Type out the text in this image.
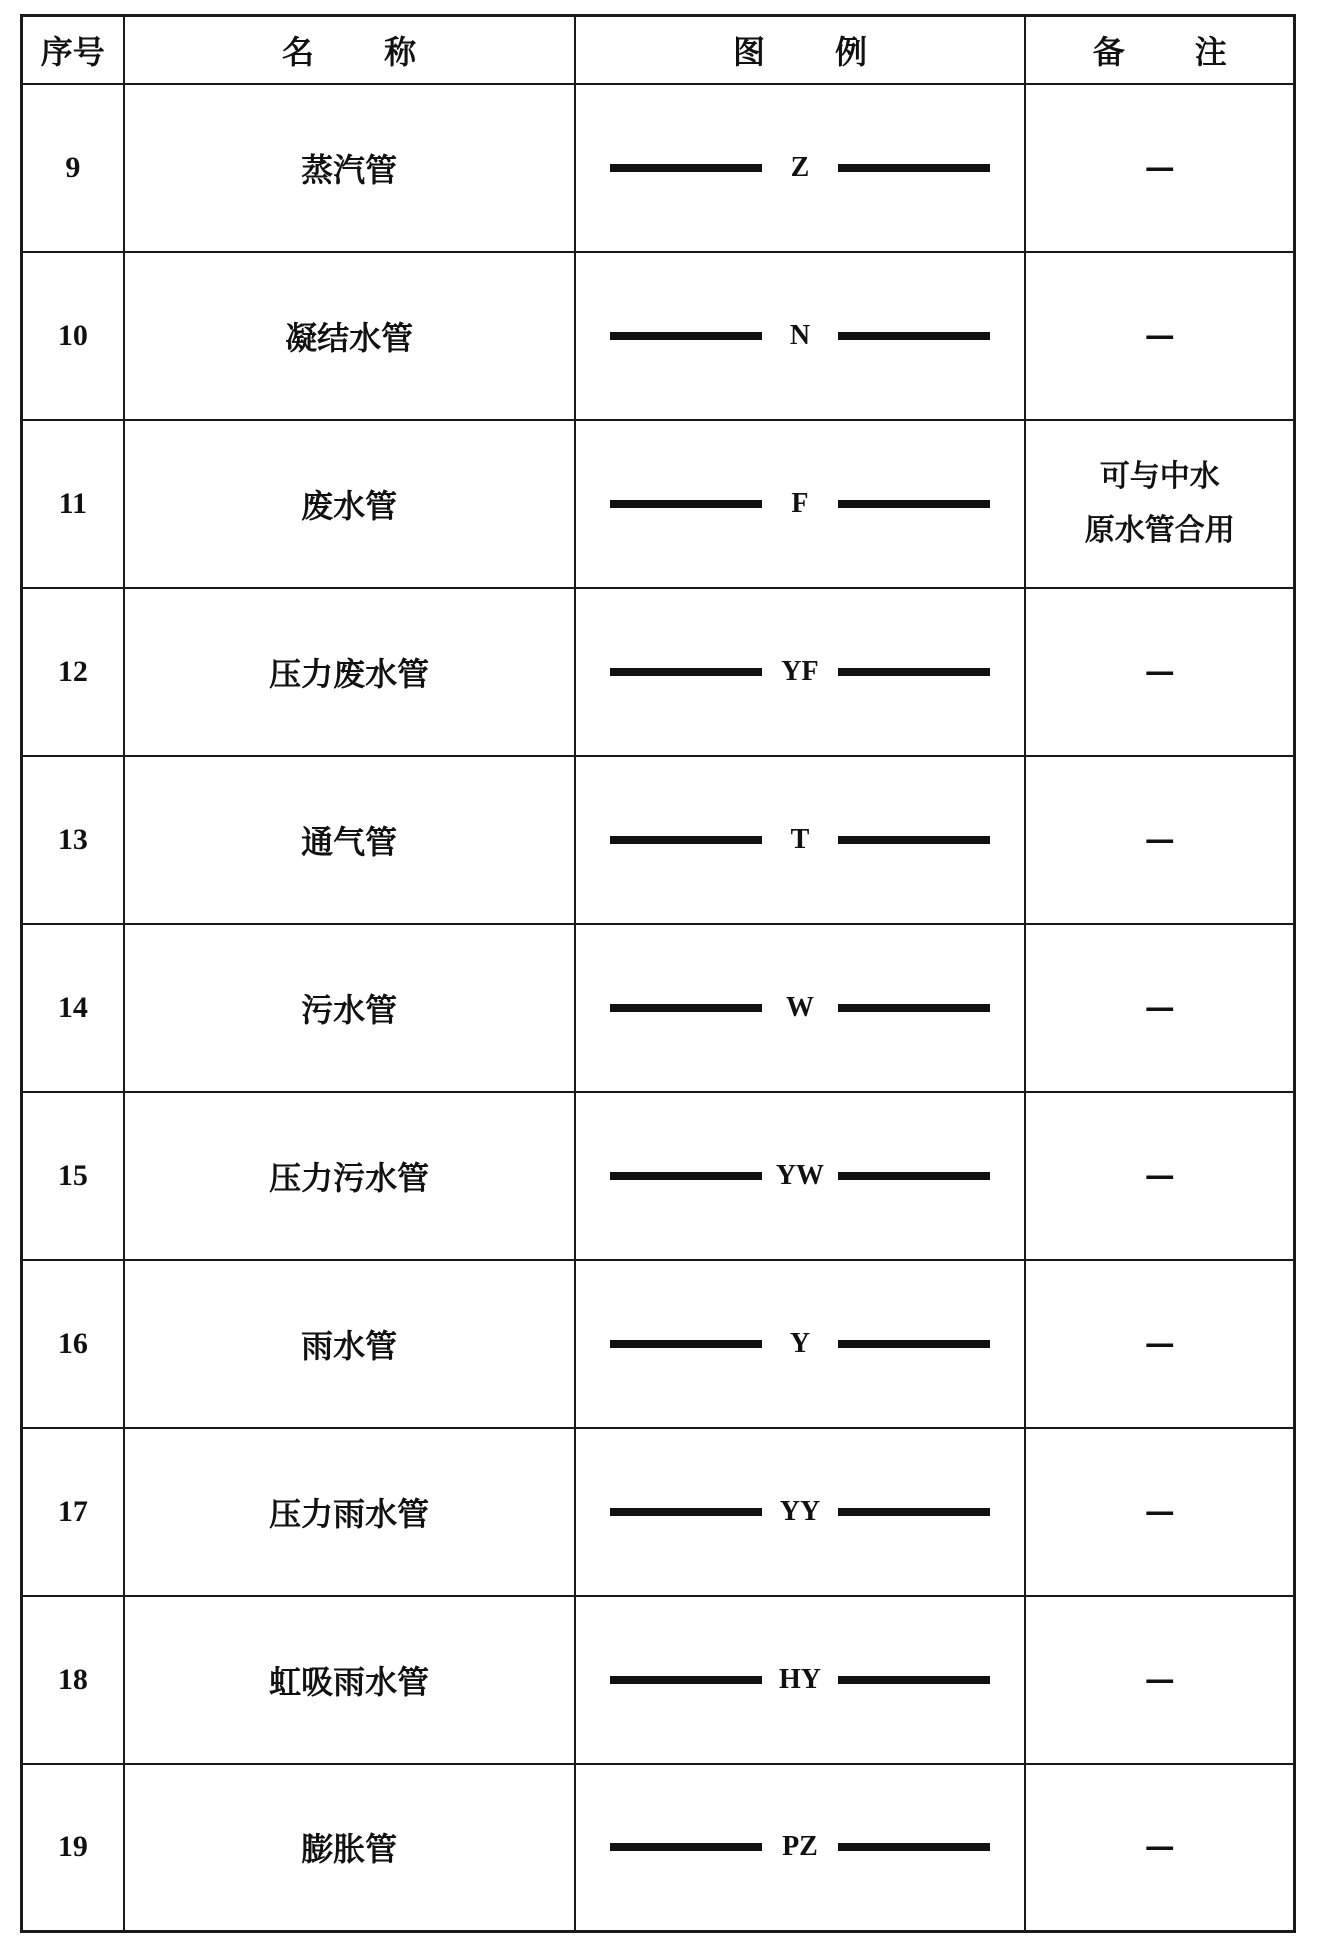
序号	名 称	图 例	备 注
9	蒸汽管	Z	—

10	凝结水管	N	—

11	废水管	F	可与中水
原水管合用

12	压力废水管	YF	—

13	通气管	T	—

14	污水管	W	—

15	压力污水管	YW	—

16	雨水管	Y	—

17	压力雨水管	YY	—

18	虹吸雨水管	HY	—

19	膨胀管	PZ	—
